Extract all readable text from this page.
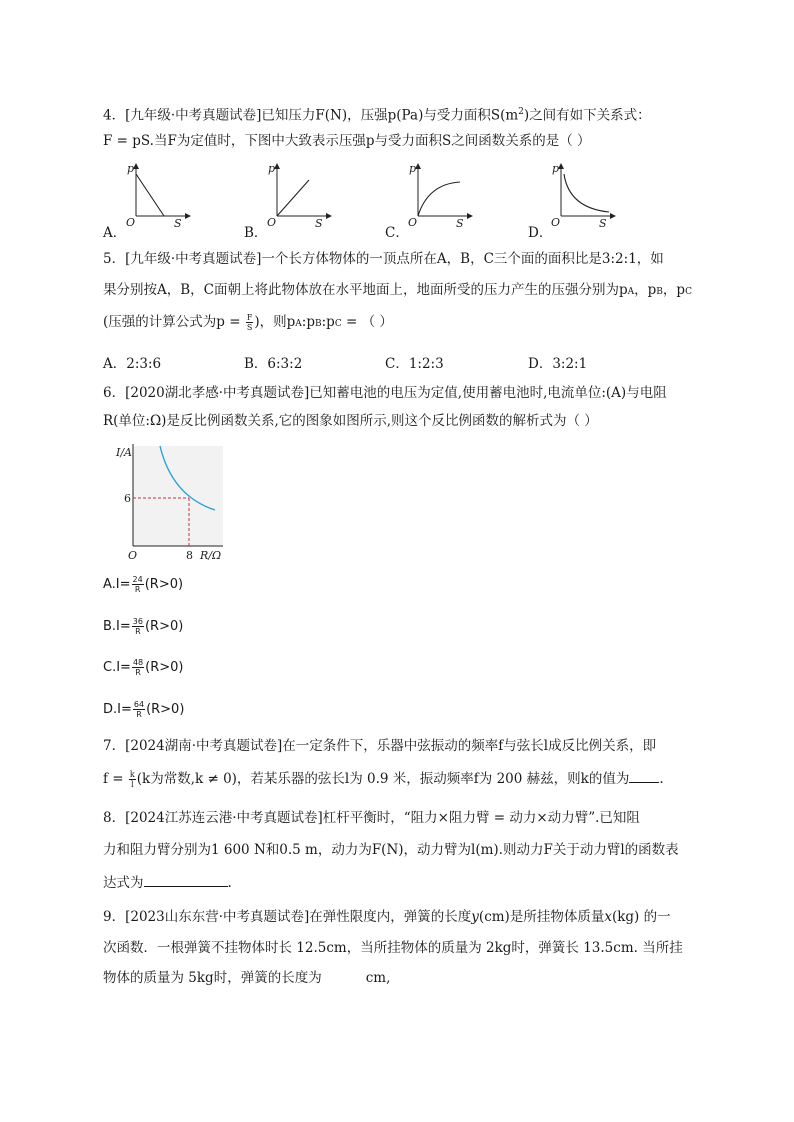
4．[九年级·中考真题试卷]已知压力F(N)，压强p(Pa)与受力面积$S(m^2)$之间有如下关系式：
F = pS.当F为定值时，下图中大致表示压强p与受力面积S之间函数关系的是（ ）
A．
p
O	S
B．
p
O	S
C．
p
O	S
D．
p
O	S
5．[九年级·中考真题试卷]一个长方体物体的一顶点所在A，B，C三个面的面积比是3:2:1，如
果分别按A，B，C面朝上将此物体放在水平地面上，地面所受的压力产生的压强分别为pA，pB，pC
(压强的计算公式为$p = \frac{F}{S}$ )，则pA:pB:pC = （ ）
A．2:3:6	B．6:3:2	C．1:2:3	D．3:2:1
6．[2020湖北孝感·中考真题试卷]已知蓄电池的电压为定值,使用蓄电池时,电流单位:(A)与电阻
R(单位:Ω)是反比例函数关系,它的图象如图所示,则这个反比例函数的解析式为（ ）
I/A
6
O	8 R/Ω
$A.I= \frac{24}{R} (R>0)$
$B.I= \frac{36}{R} (R>0)$
$C.I= \frac{48}{R} (R>0)$
$D.I= \frac{64}{R} (R>0)$
7．[2024湖南·中考真题试卷]在一定条件下，乐器中弦振动的频率f与弦长l成反比例关系，即
$f = \frac{k}{l} (k$为常数,k ≠ 0)，若某乐器的弦长l为 0.9 米，振动频率f为 200 赫兹，则k的值为 .
8．[2024江苏连云港·中考真题试卷]杠杆平衡时，“阻力×阻力臂 = 动力×动力臂”.已知阻
力和阻力臂分别为1 600 N和0.5 m，动力为F(N)，动力臂为l(m).则动力F关于动力臂l的函数表
达式为	.
9．[2023山东东营·中考真题试卷]在弹性限度内，弹簧的长度y(cm)是所挂物体质量x(kg) 的一
次函数．一根弹簧不挂物体时长 12.5cm，当所挂物体的质量为 2kg时，弹簧长 13.5cm. 当所挂
物体的质量为 5kg时，弹簧的长度为	cm,
